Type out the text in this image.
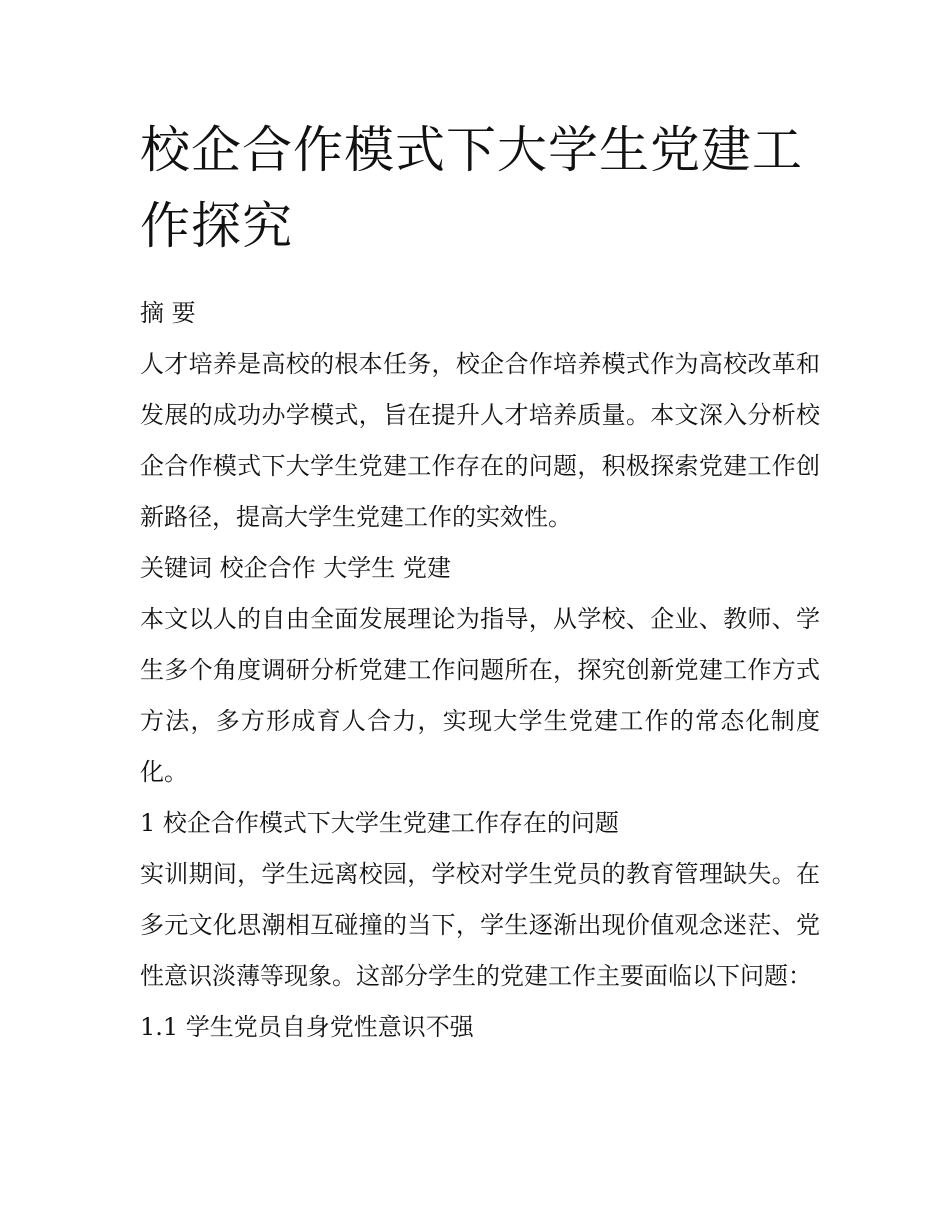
校企合作模式下大学生党建工作探究

摘 要

人才培养是高校的根本任务，校企合作培养模式作为高校改革和发展的成功办学模式，旨在提升人才培养质量。本文深入分析校企合作模式下大学生党建工作存在的问题，积极探索党建工作创新路径，提高大学生党建工作的实效性。

关键词 校企合作 大学生 党建

本文以人的自由全面发展理论为指导，从学校、企业、教师、学生多个角度调研分析党建工作问题所在，探究创新党建工作方式方法，多方形成育人合力，实现大学生党建工作的常态化制度化。

1 校企合作模式下大学生党建工作存在的问题

实训期间，学生远离校园，学校对学生党员的教育管理缺失。在多元文化思潮相互碰撞的当下，学生逐渐出现价值观念迷茫、党性意识淡薄等现象。这部分学生的党建工作主要面临以下问题：

1.1 学生党员自身党性意识不强
